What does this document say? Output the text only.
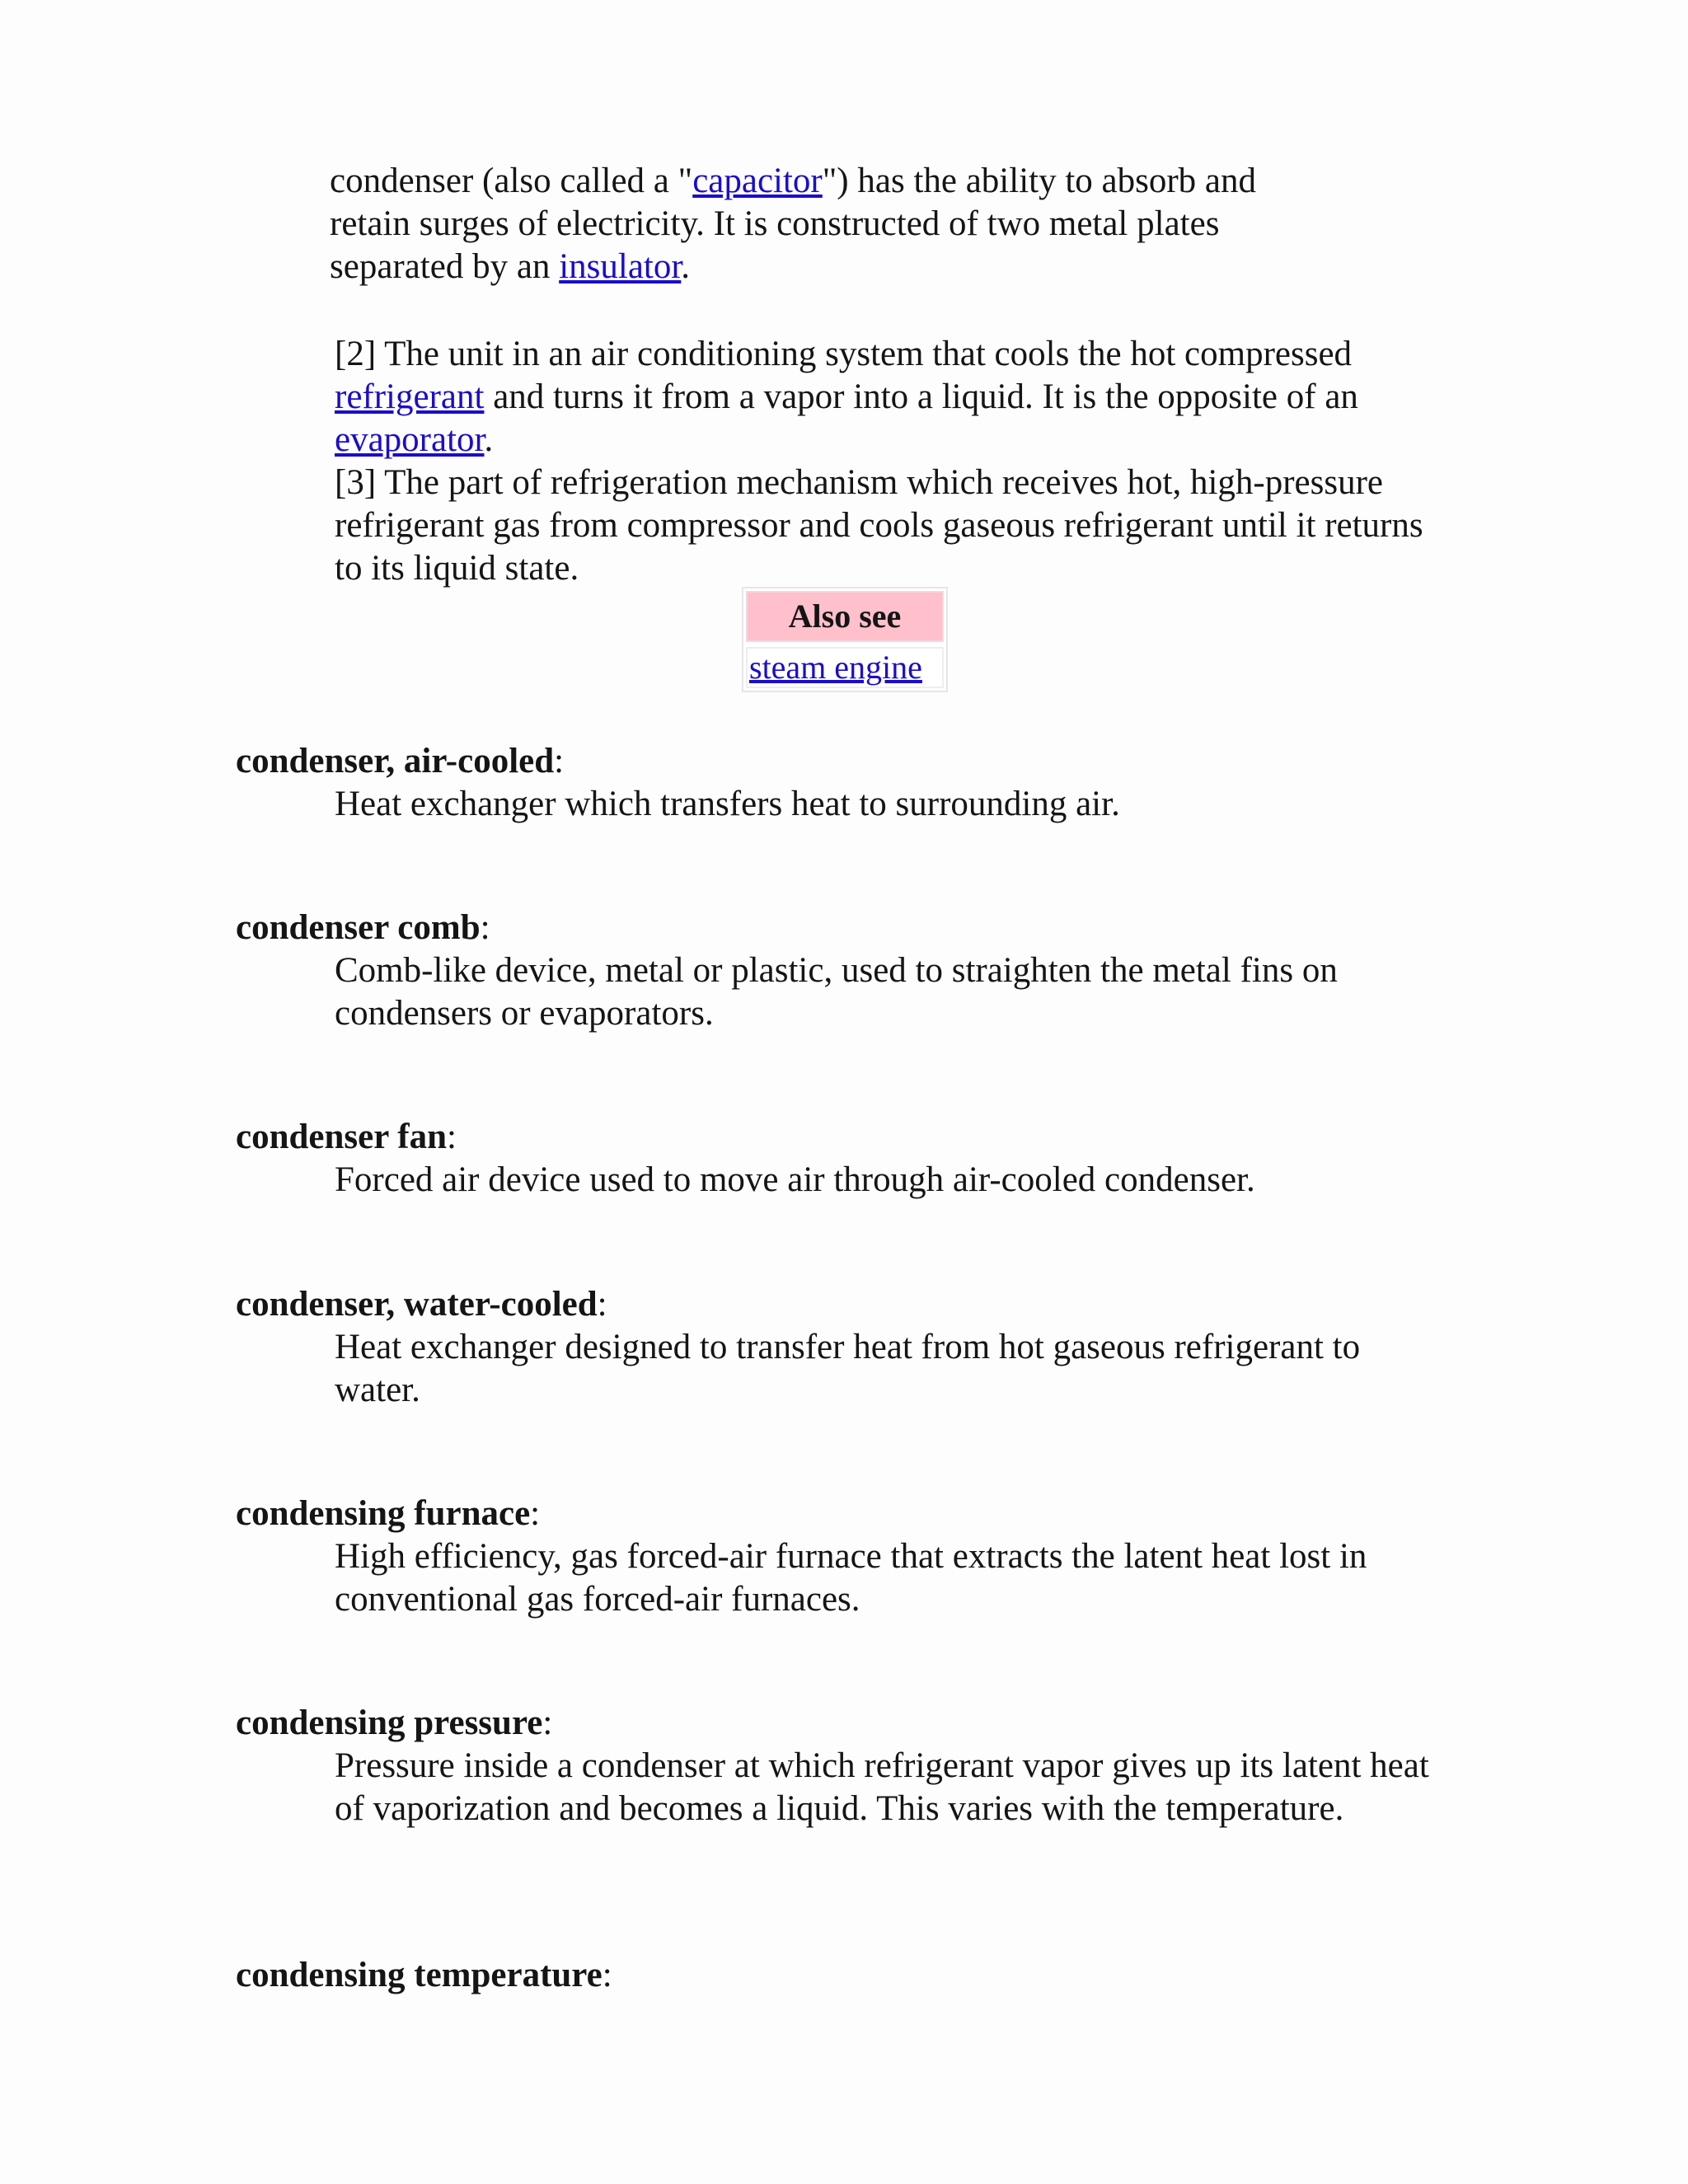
condenser (also called a "capacitor") has the ability to absorb and
retain surges of electricity. It is constructed of two metal plates
separated by an insulator.

[2] The unit in an air conditioning system that cools the hot compressed
refrigerant and turns it from a vapor into a liquid. It is the opposite of an
evaporator.

[3] The part of refrigeration mechanism which receives hot, high-pressure refrigerant gas from compressor and cools gaseous refrigerant until it returns to its liquid state.

Also see
steam engine
condenser, air-cooled:
Heat exchanger which transfers heat to surrounding air.
condenser comb:
Comb-like device, metal or plastic, used to straighten the metal fins on condensers or evaporators.
condenser fan:
Forced air device used to move air through air-cooled condenser.
condenser, water-cooled:
Heat exchanger designed to transfer heat from hot gaseous refrigerant to water.
condensing furnace:
High efficiency, gas forced-air furnace that extracts the latent heat lost in conventional gas forced-air furnaces.
condensing pressure:
Pressure inside a condenser at which refrigerant vapor gives up its latent heat of vaporization and becomes a liquid. This varies with the temperature.
condensing temperature:
